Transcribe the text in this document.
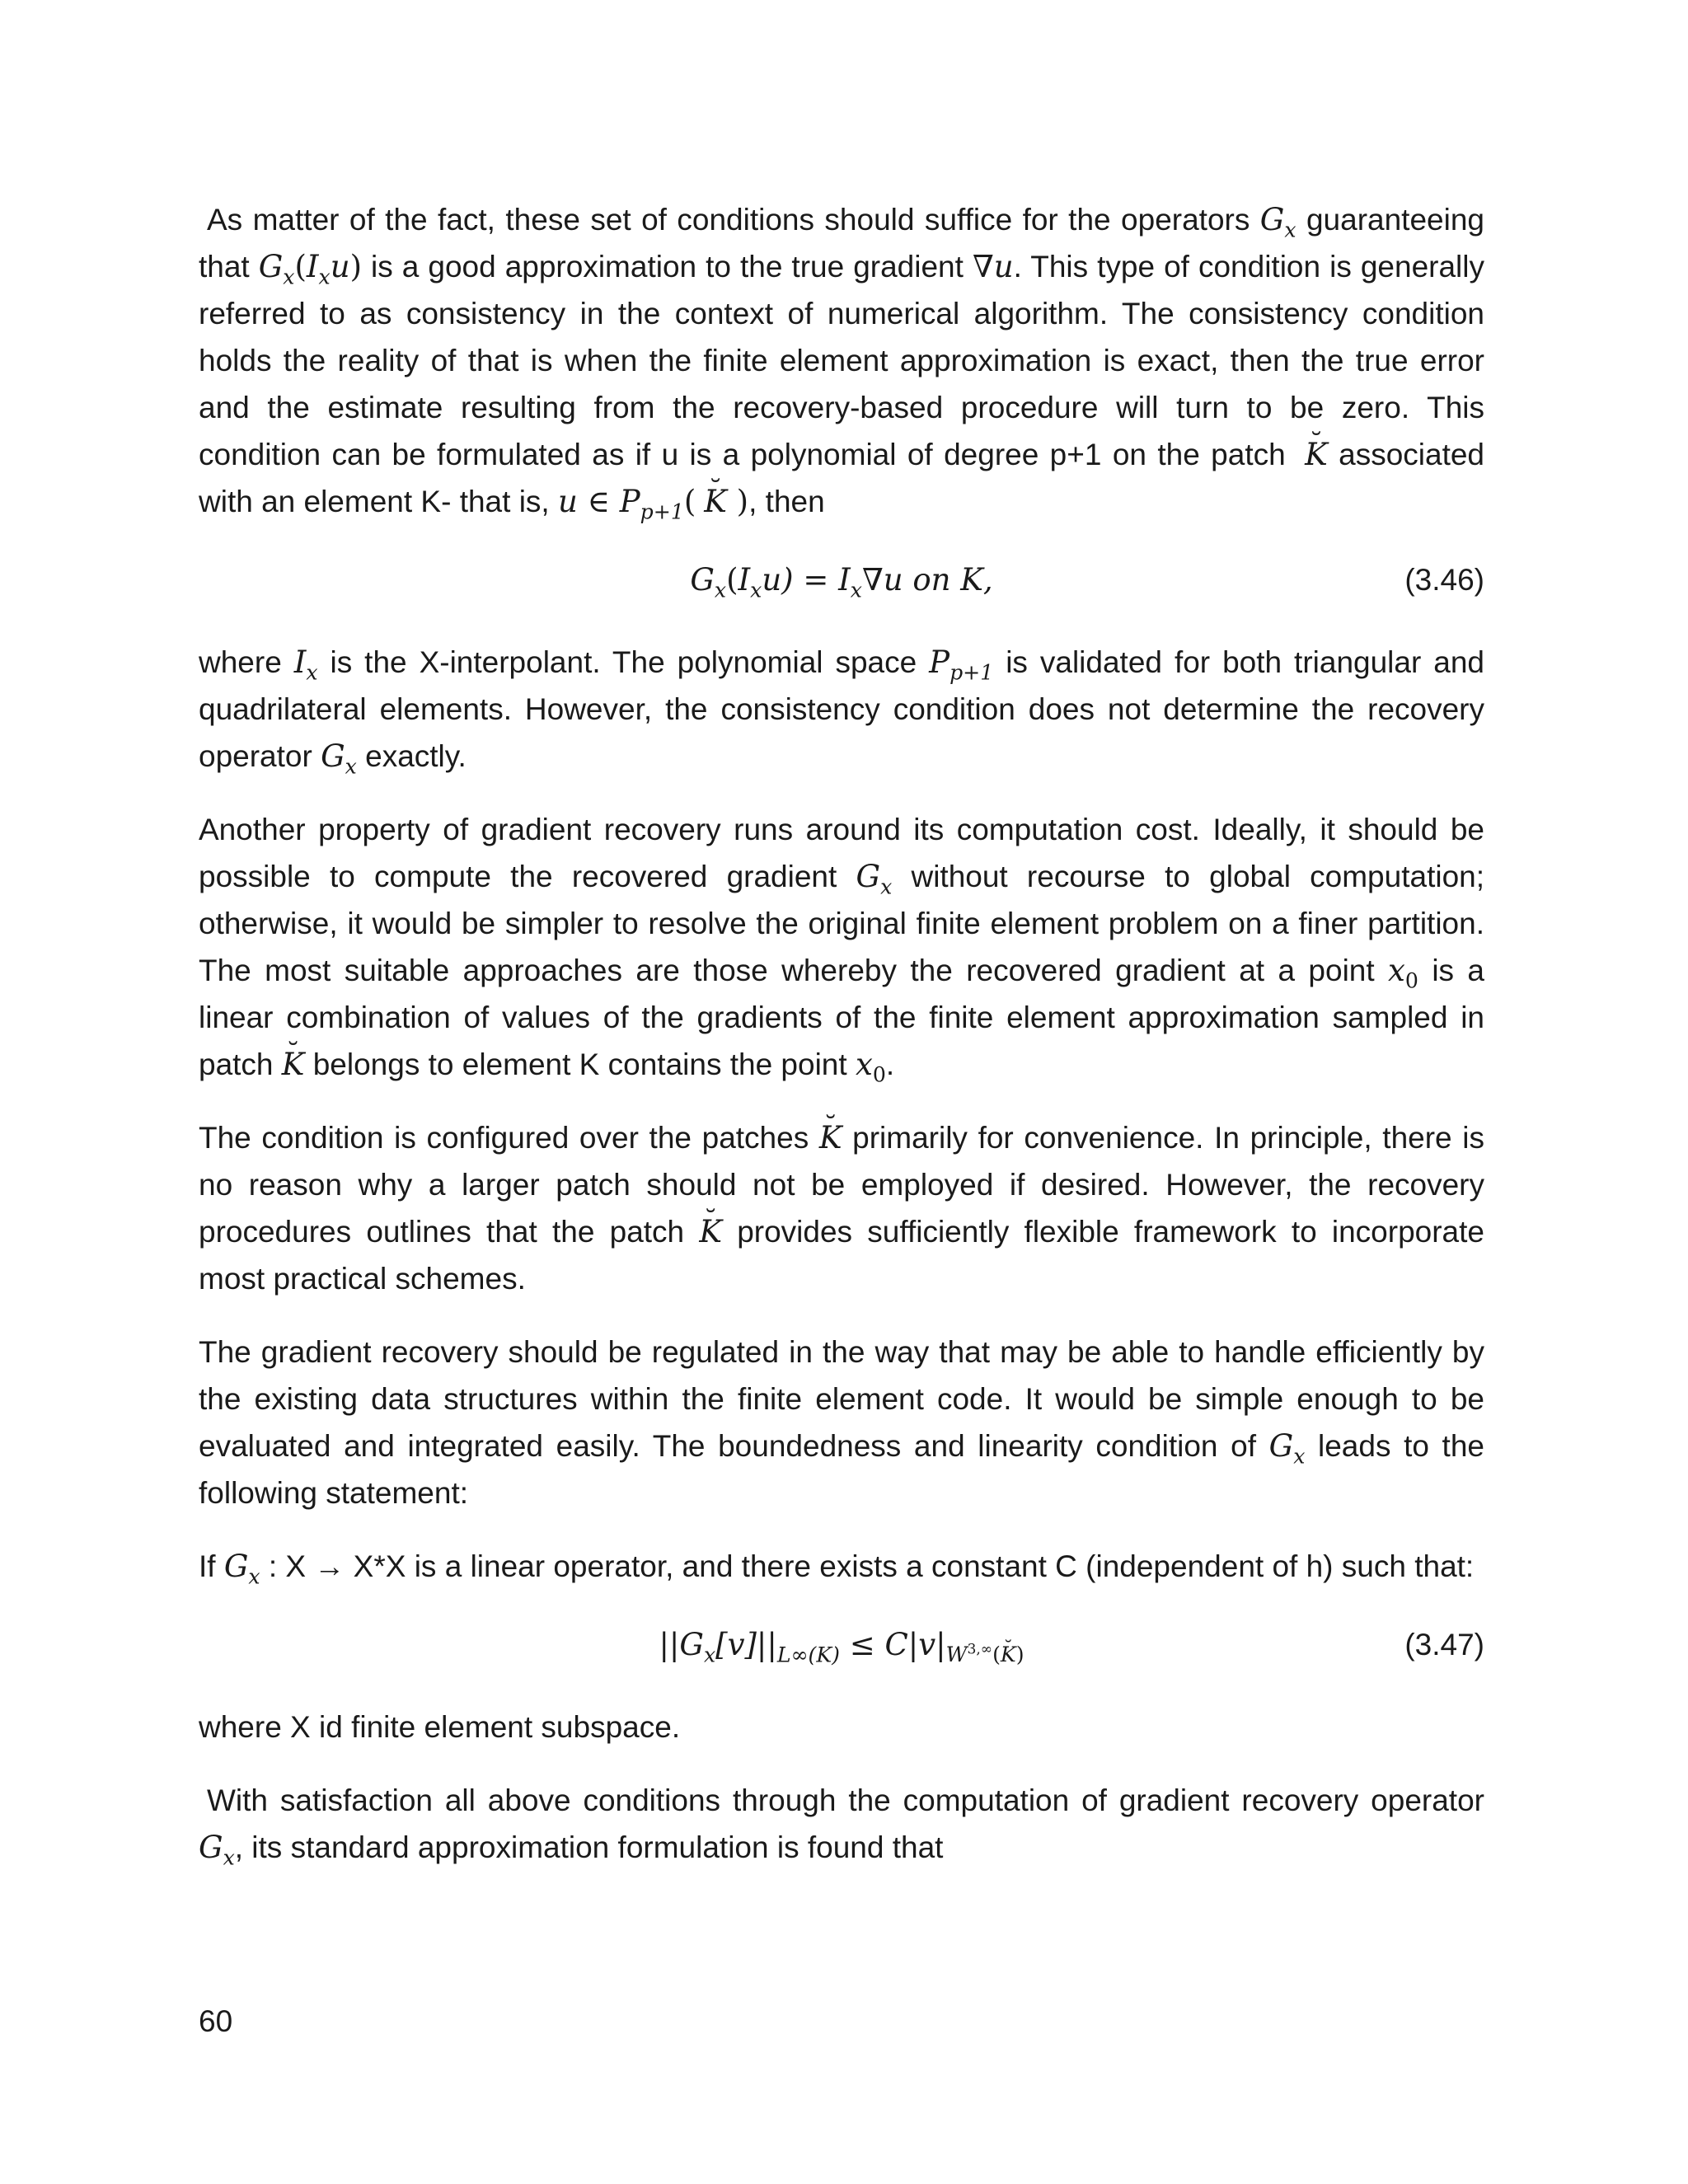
As matter of the fact, these set of conditions should suffice for the operators $G_x$ guaranteeing that $G_x(I_xu)$ is a good approximation to the true gradient ∇u. This type of condition is generally referred to as consistency in the context of numerical algorithm. The consistency condition holds the reality of that is when the finite element approximation is exact, then the true error and the estimate resulting from the recovery-based procedure will turn to be zero. This condition can be formulated as if u is a polynomial of degree p+1 on the patch ˘ K associated with an element K- that is, u ∈ $P_{p+1}(˘$ K ), then

$G_x(I_xu) = I_x\nabla u$ on K,	(3.46)

where $I_x$ is the X-interpolant. The polynomial space $P_{p+1}$ is validated for both triangular and quadrilateral elements. However, the consistency condition does not determine the recovery operator $G_x$ exactly.

Another property of gradient recovery runs around its computation cost. Ideally, it should be possible to compute the recovered gradient $G_x$ without recourse to global computation; otherwise, it would be simpler to resolve the original finite element problem on a finer partition. The most suitable approaches are those whereby the recovered gradient at a point $x_0$ is a linear combination of values of the gradients of the finite element approximation sampled in patch ˘ K belongs to element K contains the point $x_0$.

The condition is configured over the patches ˘ K primarily for convenience. In principle, there is no reason why a larger patch should not be employed if desired. However, the recovery procedures outlines that the patch ˘ K provides sufficiently flexible framework to incorporate most practical schemes.

The gradient recovery should be regulated in the way that may be able to handle efficiently by the existing data structures within the finite element code. It would be simple enough to be evaluated and integrated easily. The boundedness and linearity condition of $G_x$ leads to the following statement:

If $G_x$ : X → X*X is a linear operator, and there exists a constant C (independent of h) such that:

$||G_x[v]||_{L\infty(K)} \le C|v|_{W^{3,\infty}(K)}$	(3.47)

where X id finite element subspace.

With satisfaction all above conditions through the computation of gradient recovery operator $G_x$, its standard approximation formulation is found that

60
